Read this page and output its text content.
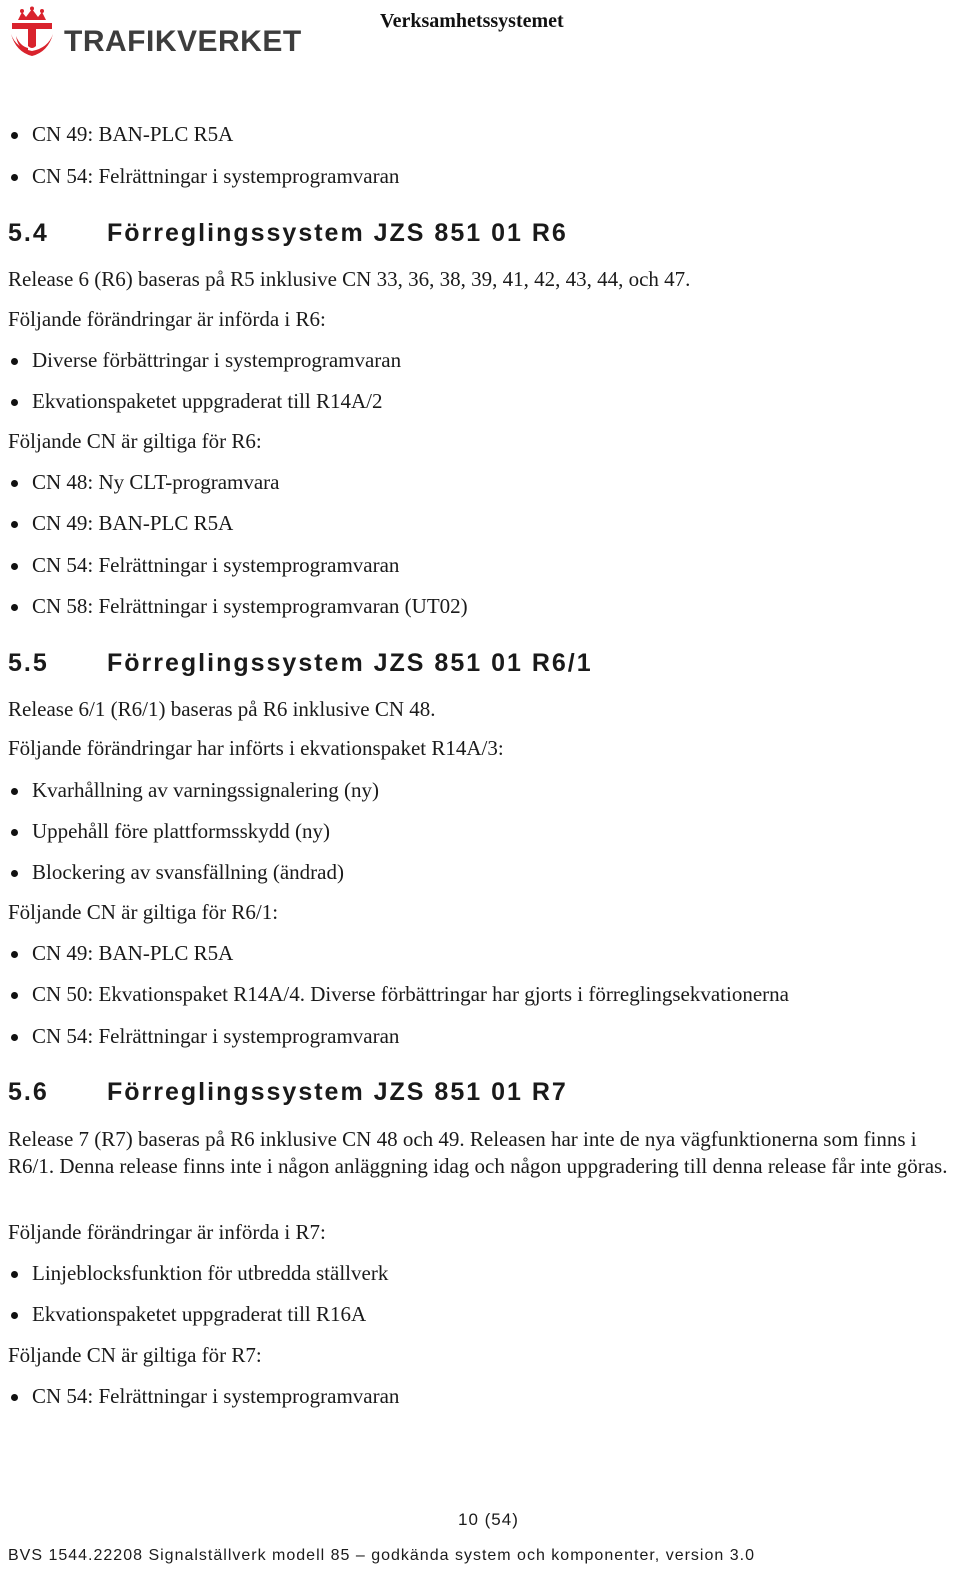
TRAFIKVERKET
Verksamhetssystemet
CN 49: BAN-PLC R5A
CN 54: Felrättningar i systemprogramvaran
5.4 Förreglingssystem JZS 851 01 R6
Release 6 (R6) baseras på R5 inklusive CN 33, 36, 38, 39, 41, 42, 43, 44, och 47.
Följande förändringar är införda i R6:
Diverse förbättringar i systemprogramvaran
Ekvationspaketet uppgraderat till R14A/2
Följande CN är giltiga för R6:
CN 48: Ny CLT-programvara
CN 49: BAN-PLC R5A
CN 54: Felrättningar i systemprogramvaran
CN 58: Felrättningar i systemprogramvaran (UT02)
5.5 Förreglingssystem JZS 851 01 R6/1
Release 6/1 (R6/1) baseras på R6 inklusive CN 48.
Följande förändringar har införts i ekvationspaket R14A/3:
Kvarhållning av varningssignalering (ny)
Uppehåll före plattformsskydd (ny)
Blockering av svansfällning (ändrad)
Följande CN är giltiga för R6/1:
CN 49: BAN-PLC R5A
CN 50: Ekvationspaket R14A/4. Diverse förbättringar har gjorts i förreglingsekvationerna
CN 54: Felrättningar i systemprogramvaran
5.6 Förreglingssystem JZS 851 01 R7
Release 7 (R7) baseras på R6 inklusive CN 48 och 49. Releasen har inte de nya vägfunktionerna som finns i R6/1. Denna release finns inte i någon anläggning idag och någon uppgradering till denna release får inte göras.
Följande förändringar är införda i R7:
Linjeblocksfunktion för utbredda ställverk
Ekvationspaketet uppgraderat till R16A
Följande CN är giltiga för R7:
CN 54: Felrättningar i systemprogramvaran
10 (54)
BVS 1544.22208 Signalställverk modell 85 – godkända system och komponenter, version 3.0
